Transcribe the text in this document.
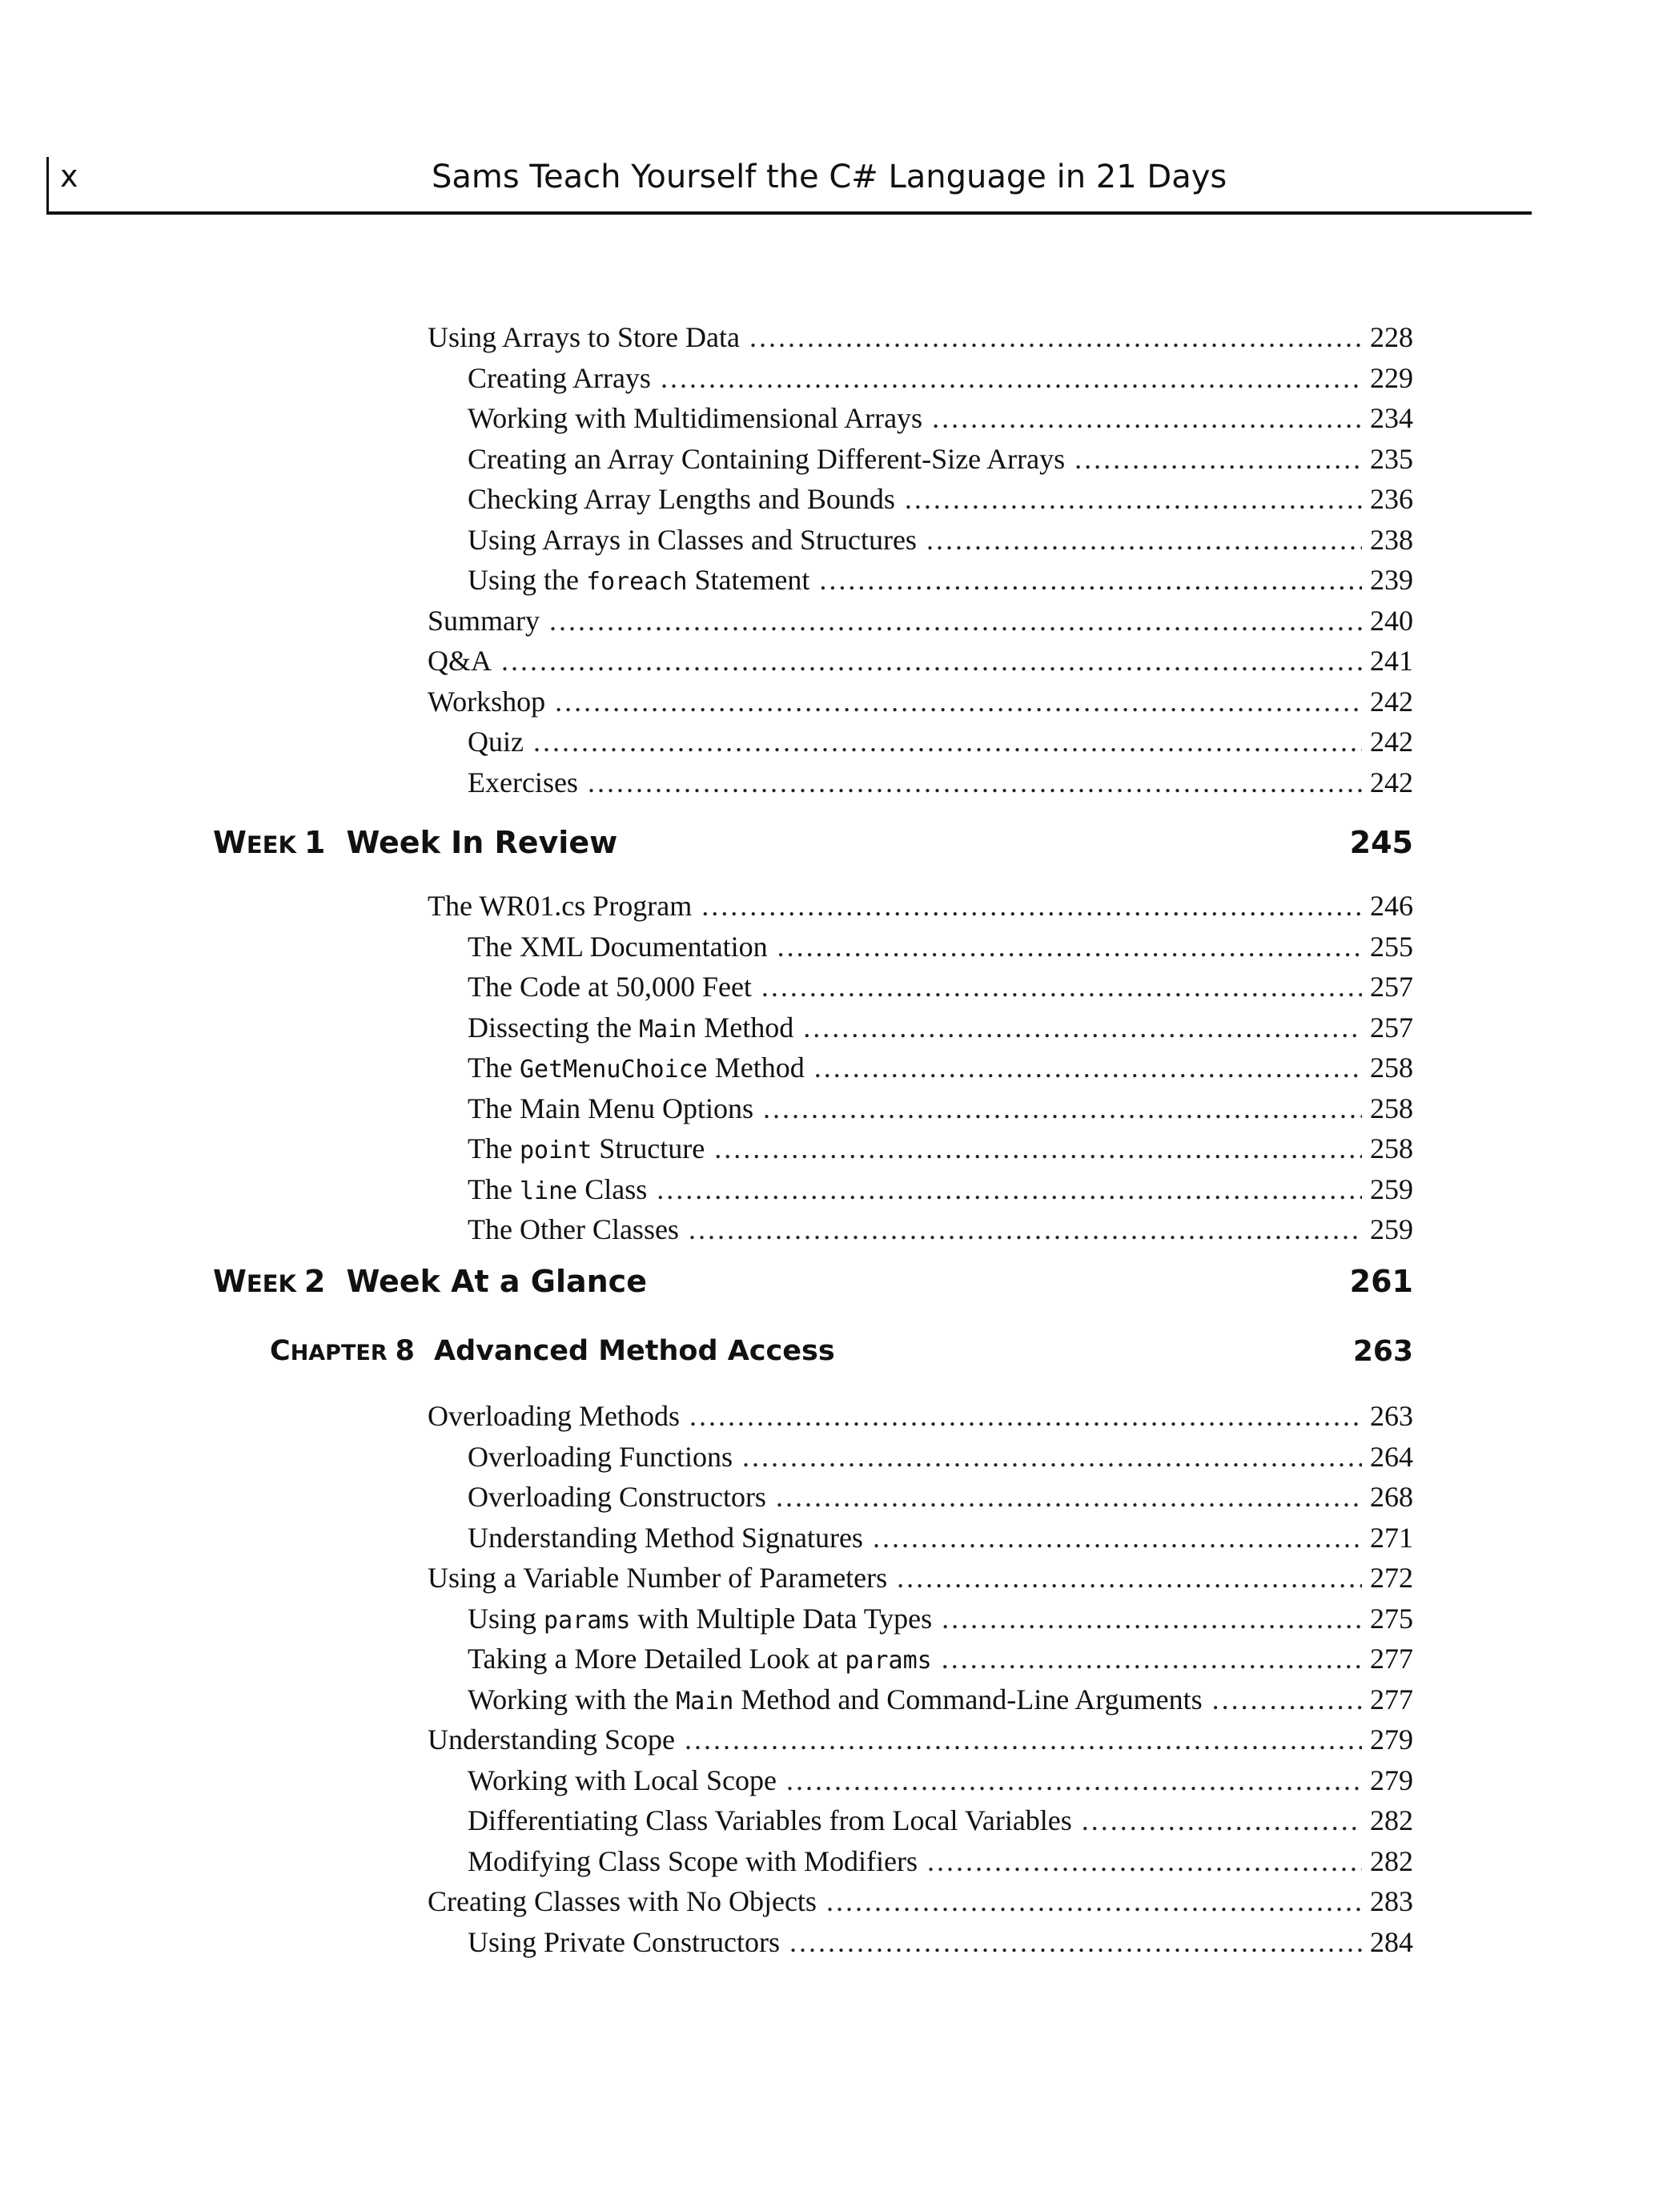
x	Sams Teach Yourself the C# Language in 21 Days
Using Arrays to Store Data . . .	228
Creating Arrays . . .	229
Working with Multidimensional Arrays . . .	234
Creating an Array Containing Different-Size Arrays . . .	235
Checking Array Lengths and Bounds . . .	236
Using Arrays in Classes and Structures . . .	238
Using the foreach Statement . . .	239
Summary . . .	240
Q&A . . .	241
Workshop . . .	242
Quiz . . .	242
Exercises . . .	242
W EEK 1 Week In Review	245
The WR01.cs Program . . .	246
The XML Documentation . . .	255
The Code at 50,000 Feet . . .	257
Dissecting the Main Method . . .	257
The GetMenuChoice Method . . .	258
The Main Menu Options . . .	258
The point Structure . . .	258
The line Class . . .	259
The Other Classes . . .	259
W EEK 2 Week At a Glance	261
C HAPTER 8 Advanced Method Access	263
Overloading Methods . . .	263
Overloading Functions . . .	264
Overloading Constructors . . .	268
Understanding Method Signatures . . .	271
Using a Variable Number of Parameters . . .	272
Using params with Multiple Data Types . . .	275
Taking a More Detailed Look at params . . .	277
Working with the Main Method and Command-Line Arguments . . .	277
Understanding Scope . . .	279
Working with Local Scope . . .	279
Differentiating Class Variables from Local Variables . . .	282
Modifying Class Scope with Modifiers . . .	282
Creating Classes with No Objects . . .	283
Using Private Constructors . . .	284
